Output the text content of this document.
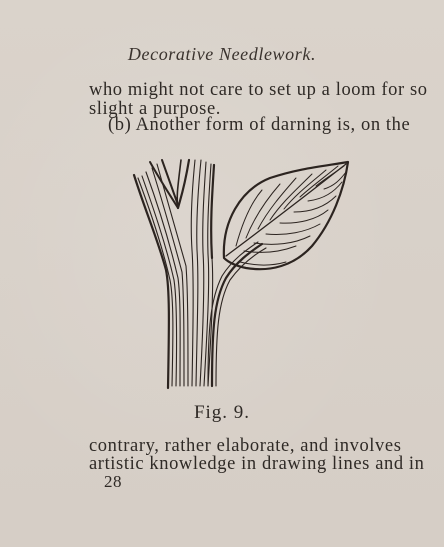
Decorative Needlework.
who might not care to set up a loom for so
slight a purpose.
(b) Another form of darning is, on the
Fig. 9.
contrary, rather elaborate, and involves
artistic knowledge in drawing lines and in
28
